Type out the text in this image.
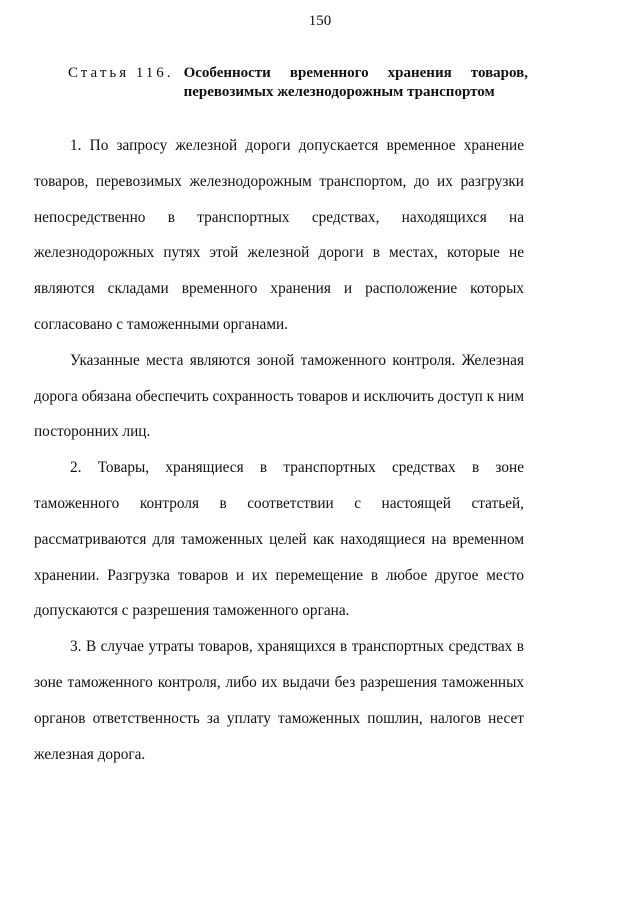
150
Статья 116. Особенности временного хранения товаров,
перевозимых железнодорожным транспортом

1. По запросу железной дороги допускается временное хранение товаров, перевозимых железнодорожным транспортом, до их разгрузки непосредственно в транспортных средствах, находящихся на железнодорожных путях этой железной дороги в местах, которые не являются складами временного хранения и расположение которых согласовано с таможенными органами.

Указанные места являются зоной таможенного контроля. Железная дорога обязана обеспечить сохранность товаров и исключить доступ к ним посторонних лиц.

2. Товары, хранящиеся в транспортных средствах в зоне таможенного контроля в соответствии с настоящей статьей, рассматриваются для таможенных целей как находящиеся на временном хранении. Разгрузка товаров и их перемещение в любое другое место допускаются с разрешения таможенного органа.

3. В случае утраты товаров, хранящихся в транспортных средствах в зоне таможенного контроля, либо их выдачи без разрешения таможенных органов ответственность за уплату таможенных пошлин, налогов несет железная дорога.
